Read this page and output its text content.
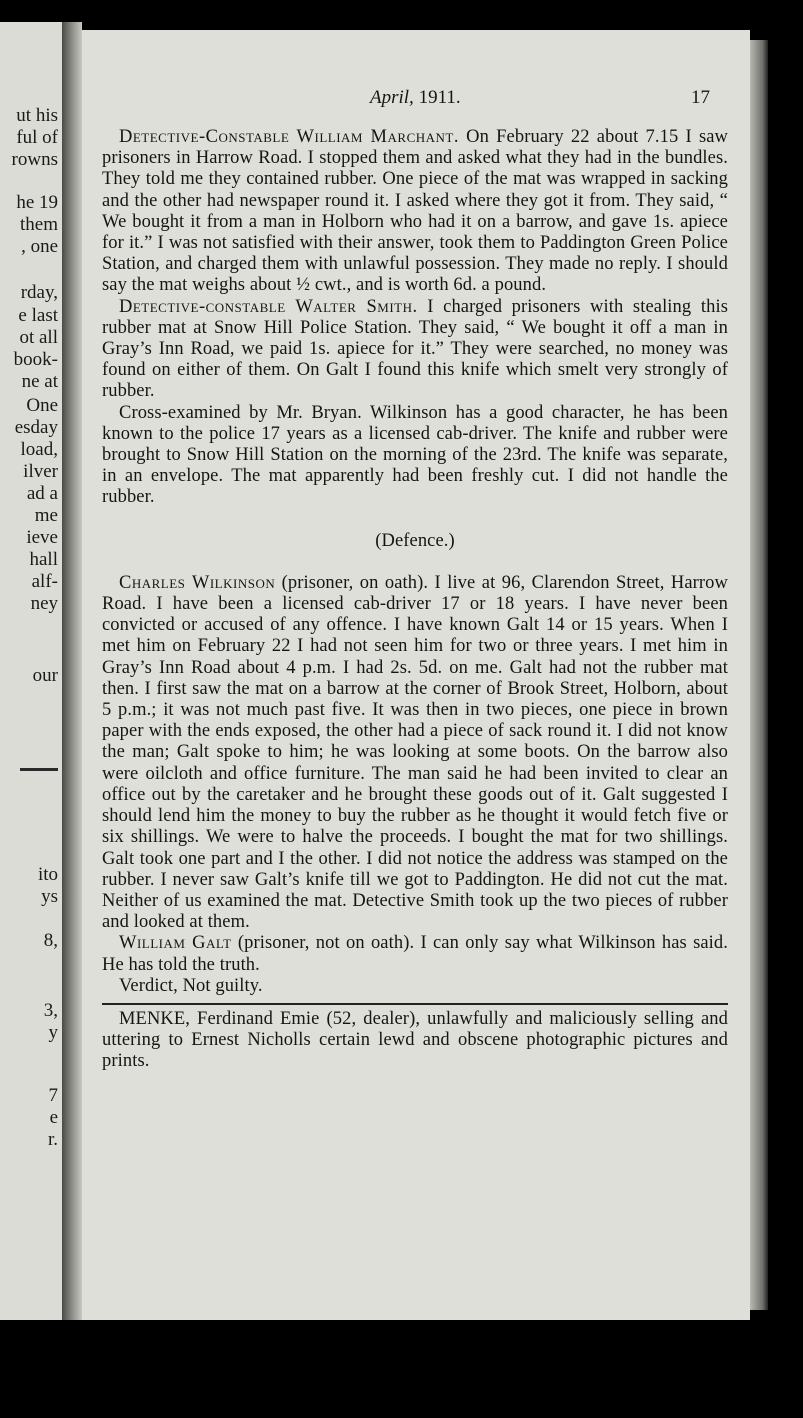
ut his
ful of
rowns
he 19
them
, one
rday,
e last
ot all
book-
ne at
One
esday
load,
ilver
ad a
me
ieve
hall
alf-
ney
our
ito
ys
8,
3,
y
7
e
r.
April, 1911.	17

Detective-Constable William Marchant. On February 22 about 7.15 I saw prisoners in Harrow Road. I stopped them and asked what they had in the bundles. They told me they contained rubber. One piece of the mat was wrapped in sacking and the other had newspaper round it. I asked where they got it from. They said, “ We bought it from a man in Holborn who had it on a barrow, and gave 1s. apiece for it.” I was not satisfied with their answer, took them to Paddington Green Police Station, and charged them with unlawful possession. They made no reply. I should say the mat weighs about ½ cwt., and is worth 6d. a pound.

Detective-constable Walter Smith. I charged prisoners with stealing this rubber mat at Snow Hill Police Station. They said, “ We bought it off a man in Gray’s Inn Road, we paid 1s. apiece for it.” They were searched, no money was found on either of them. On Galt I found this knife which smelt very strongly of rubber.

Cross-examined by Mr. Bryan. Wilkinson has a good character, he has been known to the police 17 years as a licensed cab-driver. The knife and rubber were brought to Snow Hill Station on the morning of the 23rd. The knife was separate, in an envelope. The mat apparently had been freshly cut. I did not handle the rubber.

(Defence.)

Charles Wilkinson (prisoner, on oath). I live at 96, Clarendon Street, Harrow Road. I have been a licensed cab-driver 17 or 18 years. I have never been convicted or accused of any offence. I have known Galt 14 or 15 years. When I met him on February 22 I had not seen him for two or three years. I met him in Gray’s Inn Road about 4 p.m. I had 2s. 5d. on me. Galt had not the rubber mat then. I first saw the mat on a barrow at the corner of Brook Street, Holborn, about 5 p.m.; it was not much past five. It was then in two pieces, one piece in brown paper with the ends exposed, the other had a piece of sack round it. I did not know the man; Galt spoke to him; he was looking at some boots. On the barrow also were oilcloth and office furniture. The man said he had been invited to clear an office out by the caretaker and he brought these goods out of it. Galt suggested I should lend him the money to buy the rubber as he thought it would fetch five or six shillings. We were to halve the proceeds. I bought the mat for two shillings. Galt took one part and I the other. I did not notice the address was stamped on the rubber. I never saw Galt’s knife till we got to Paddington. He did not cut the mat. Neither of us examined the mat. Detective Smith took up the two pieces of rubber and looked at them.

William Galt (prisoner, not on oath). I can only say what Wilkinson has said. He has told the truth.

Verdict, Not guilty.

MENKE, Ferdinand Emie (52, dealer), unlawfully and maliciously selling and uttering to Ernest Nicholls certain lewd and obscene photographic pictures and prints.
